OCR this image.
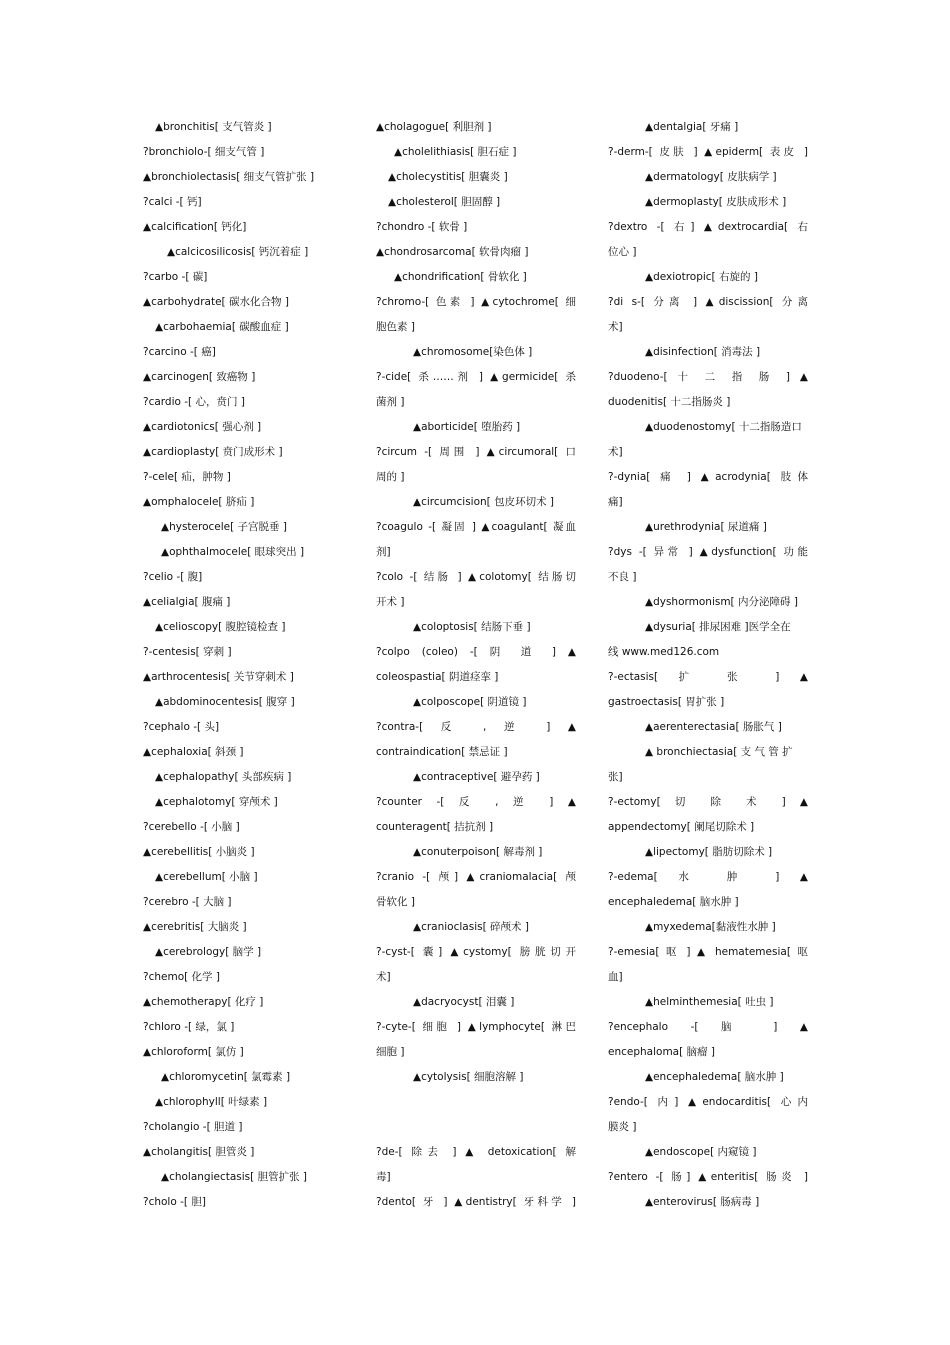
▲bronchitis[ 支气管炎 ]
?bronchiolo-[ 细支气管 ]
▲bronchiolectasis[ 细支气管扩张 ]
?calci -[ 钙]
▲calcification[ 钙化]
▲calcicosilicosis[ 钙沉着症 ]
?carbo -[ 碳]
▲carbohydrate[ 碳水化合物 ]
▲carbohaemia[ 碳酸血症 ]
?carcino -[ 癌]
▲carcinogen[ 致癌物 ]
?cardio -[ 心，贲门 ]
▲cardiotonics[ 强心剂 ]
▲cardioplasty[ 贲门成形术 ]
?-cele[ 疝，肿物 ]
▲omphalocele[ 脐疝 ]
▲hysterocele[ 子宫脱垂 ]
▲ophthalmocele[ 眼球突出 ]
?celio -[ 腹]
▲celialgia[ 腹痛 ]
▲celioscopy[ 腹腔镜检查 ]
?-centesis[ 穿刺 ]
▲arthrocentesis[ 关节穿刺术 ]
▲abdominocentesis[ 腹穿 ]
?cephalo -[ 头]
▲cephaloxia[ 斜颈 ]
▲cephalopathy[ 头部疾病 ]
▲cephalotomy[ 穿颅术 ]
?cerebello -[ 小脑 ]
▲cerebellitis[ 小脑炎 ]
▲cerebellum[ 小脑 ]
?cerebro -[ 大脑 ]
▲cerebritis[ 大脑炎 ]
▲cerebrology[ 脑学 ]
?chemo[ 化学 ]
▲chemotherapy[ 化疗 ]
?chloro -[ 绿，氯 ]
▲chloroform[ 氯仿 ]
▲chloromycetin[ 氯霉素 ]
▲chlorophyll[ 叶绿素 ]
?cholangio -[ 胆道 ]
▲cholangitis[ 胆管炎 ]
▲cholangiectasis[ 胆管扩张 ]
?cholo -[ 胆]
▲cholagogue[ 利胆剂 ]
▲cholelithiasis[ 胆石症 ]
▲cholecystitis[ 胆囊炎 ]
▲cholesterol[ 胆固醇 ]
?chondro -[ 软骨 ]
▲chondrosarcoma[ 软骨肉瘤 ]
▲chondrification[ 骨软化 ]
?chromo-[ 色素 ] ▲cytochrome[ 细
胞色素 ]
▲chromosome[染色体 ]
?-cide[ 杀……剂 ] ▲germicide[ 杀
菌剂 ]
▲aborticide[ 堕胎药 ]
?circum -[ 周围 ] ▲circumoral[ 口
周的 ]
▲circumcision[ 包皮环切术 ]
?coagulo -[ 凝固 ] ▲coagulant[ 凝血
剂]
?colo -[ 结肠 ] ▲colotomy[ 结肠切
开术 ]
▲coloptosis[ 结肠下垂 ]
?colpo (coleo) -[ 阴 道 ] ▲
coleospastia[ 阴道痉挛 ]
▲colposcope[ 阴道镜 ]
?contra-[ 反 , 逆 ] ▲
contraindication[ 禁忌证 ]
▲contraceptive[ 避孕药 ]
?counter -[ 反 , 逆 ] ▲
counteragent[ 拮抗剂 ]
▲conuterpoison[ 解毒剂 ]
?cranio -[ 颅] ▲craniomalacia[ 颅
骨软化 ]
▲cranioclasis[ 碎颅术 ]
?-cyst-[ 囊] ▲cystomy[ 膀胱切开
术]
▲dacryocyst[ 泪囊 ]
?-cyte-[ 细胞 ] ▲lymphocyte[ 淋巴
细胞 ]
▲cytolysis[ 细胞溶解 ]
?de-[ 除去 ] ▲ detoxication[ 解
毒]
?dento[ 牙 ] ▲dentistry[ 牙科学 ]
▲dentalgia[ 牙痛 ]
?-derm-[ 皮肤 ] ▲epiderm[ 表皮 ]
▲dermatology[ 皮肤病学 ]
▲dermoplasty[ 皮肤成形术 ]
?dextro -[ 右] ▲dextrocardia[ 右
位心 ]
▲dexiotropic[ 右旋的 ]
?di s-[ 分离 ] ▲discission[ 分离
术]
▲disinfection[ 消毒法 ]
?duodeno-[ 十 二 指 肠 ] ▲
duodenitis[ 十二指肠炎 ]
▲duodenostomy[ 十二指肠造口
术]
?-dynia[ 痛 ] ▲acrodynia[ 肢体
痛]
▲urethrodynia[ 尿道痛 ]
?dys -[ 异常 ] ▲dysfunction[ 功能
不良 ]
▲dyshormonism[ 内分泌障碍 ]
▲dysuria[ 排尿困难 ]医学全在
线 www.med126.com
?-ectasis[ 扩 张 ] ▲
gastroectasis[ 胃扩张 ]
▲aerenterectasia[ 肠胀气 ]
▲ bronchiectasia[ 支 气 管 扩
张]
?-ectomy[ 切 除 术 ] ▲
appendectomy[ 阑尾切除术 ]
▲lipectomy[ 脂肪切除术 ]
?-edema[ 水 肿 ] ▲
encephaledema[ 脑水肿 ]
▲myxedema[黏液性水肿 ]
?-emesia[ 呕 ] ▲ hematemesia[ 呕
血]
▲helminthemesia[ 吐虫 ]
?encephalo -[ 脑 ] ▲
encephaloma[ 脑瘤 ]
▲encephaledema[ 脑水肿 ]
?endo-[ 内] ▲endocarditis[ 心内
膜炎 ]
▲endoscope[ 内窥镜 ]
?entero -[ 肠] ▲enteritis[ 肠炎 ]
▲enterovirus[ 肠病毒 ]
